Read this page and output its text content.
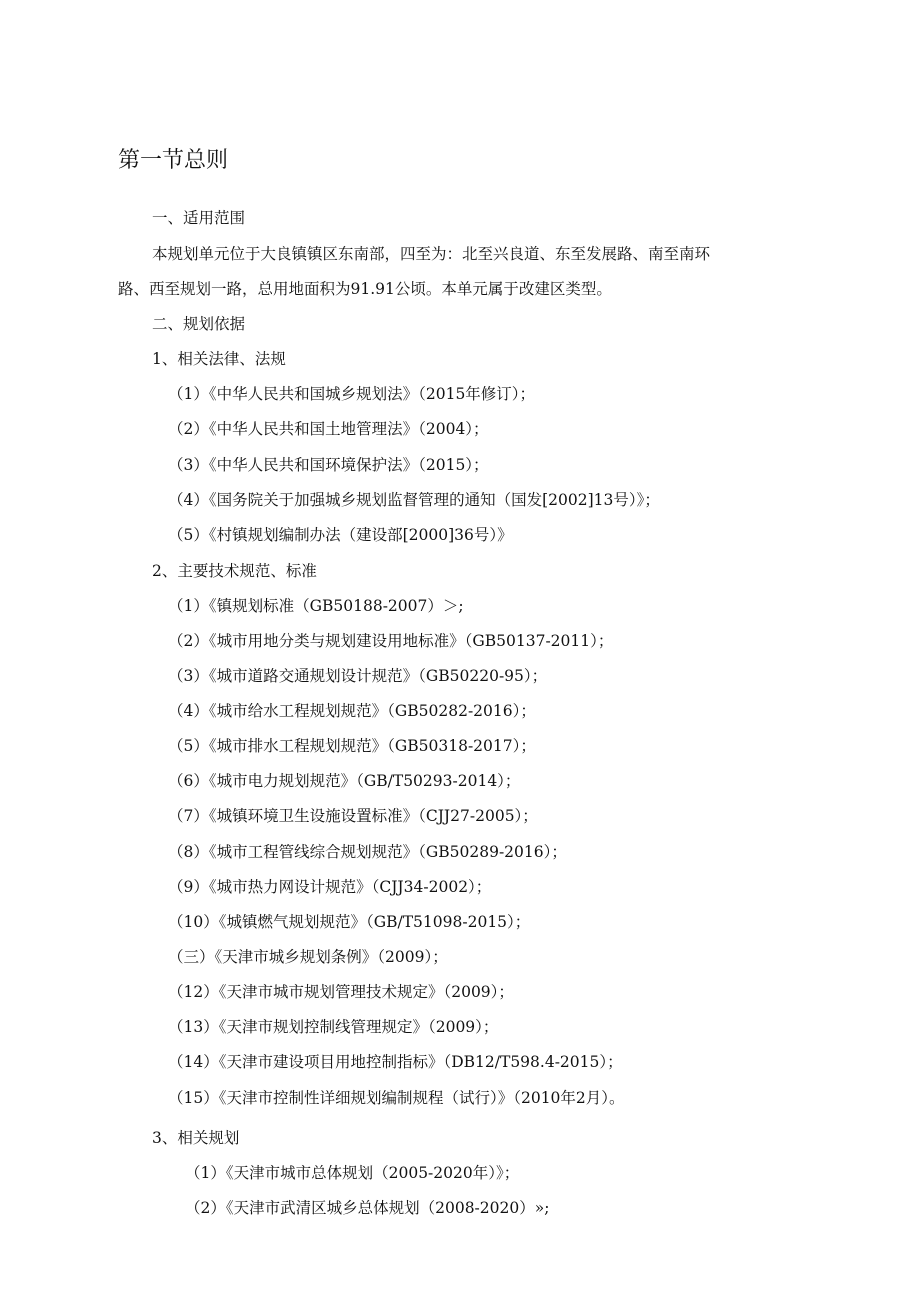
第一节总则
一、适用范围
本规划单元位于大良镇镇区东南部，四至为：北至兴良道、东至发展路、南至南环
路、西至规划一路，总用地面积为91.91公顷。本单元属于改建区类型。
二、规划依据
1、相关法律、法规
（1）《中华人民共和国城乡规划法》（2015年修订）；
（2）《中华人民共和国土地管理法》（2004）；
（3）《中华人民共和国环境保护法》（2015）；
（4）《国务院关于加强城乡规划监督管理的通知（国发[2002]13号）》；
（5）《村镇规划编制办法（建设部[2000]36号）》
2、主要技术规范、标准
（1）《镇规划标准（GB50188-2007）＞;
（2）《城市用地分类与规划建设用地标准》（GB50137-2011）；
（3）《城市道路交通规划设计规范》（GB50220-95）；
（4）《城市给水工程规划规范》（GB50282-2016）；
（5）《城市排水工程规划规范》（GB50318-2017）；
（6）《城市电力规划规范》（GB/T50293-2014）；
（7）《城镇环境卫生设施设置标准》（CJJ27-2005）；
（8）《城市工程管线综合规划规范》（GB50289-2016）；
（9）《城市热力网设计规范》（CJJ34-2002）；
（10）《城镇燃气规划规范》（GB/T51098-2015）；
（三）《天津市城乡规划条例》（2009）；
（12）《天津市城市规划管理技术规定》（2009）；
（13）《天津市规划控制线管理规定》（2009）；
（14）《天津市建设项目用地控制指标》（DB12/T598.4-2015）；
（15）《天津市控制性详细规划编制规程（试行）》（2010年2月）。
3、相关规划
（1）《天津市城市总体规划（2005-2020年）》；
（2）《天津市武清区城乡总体规划（2008-2020）»;
